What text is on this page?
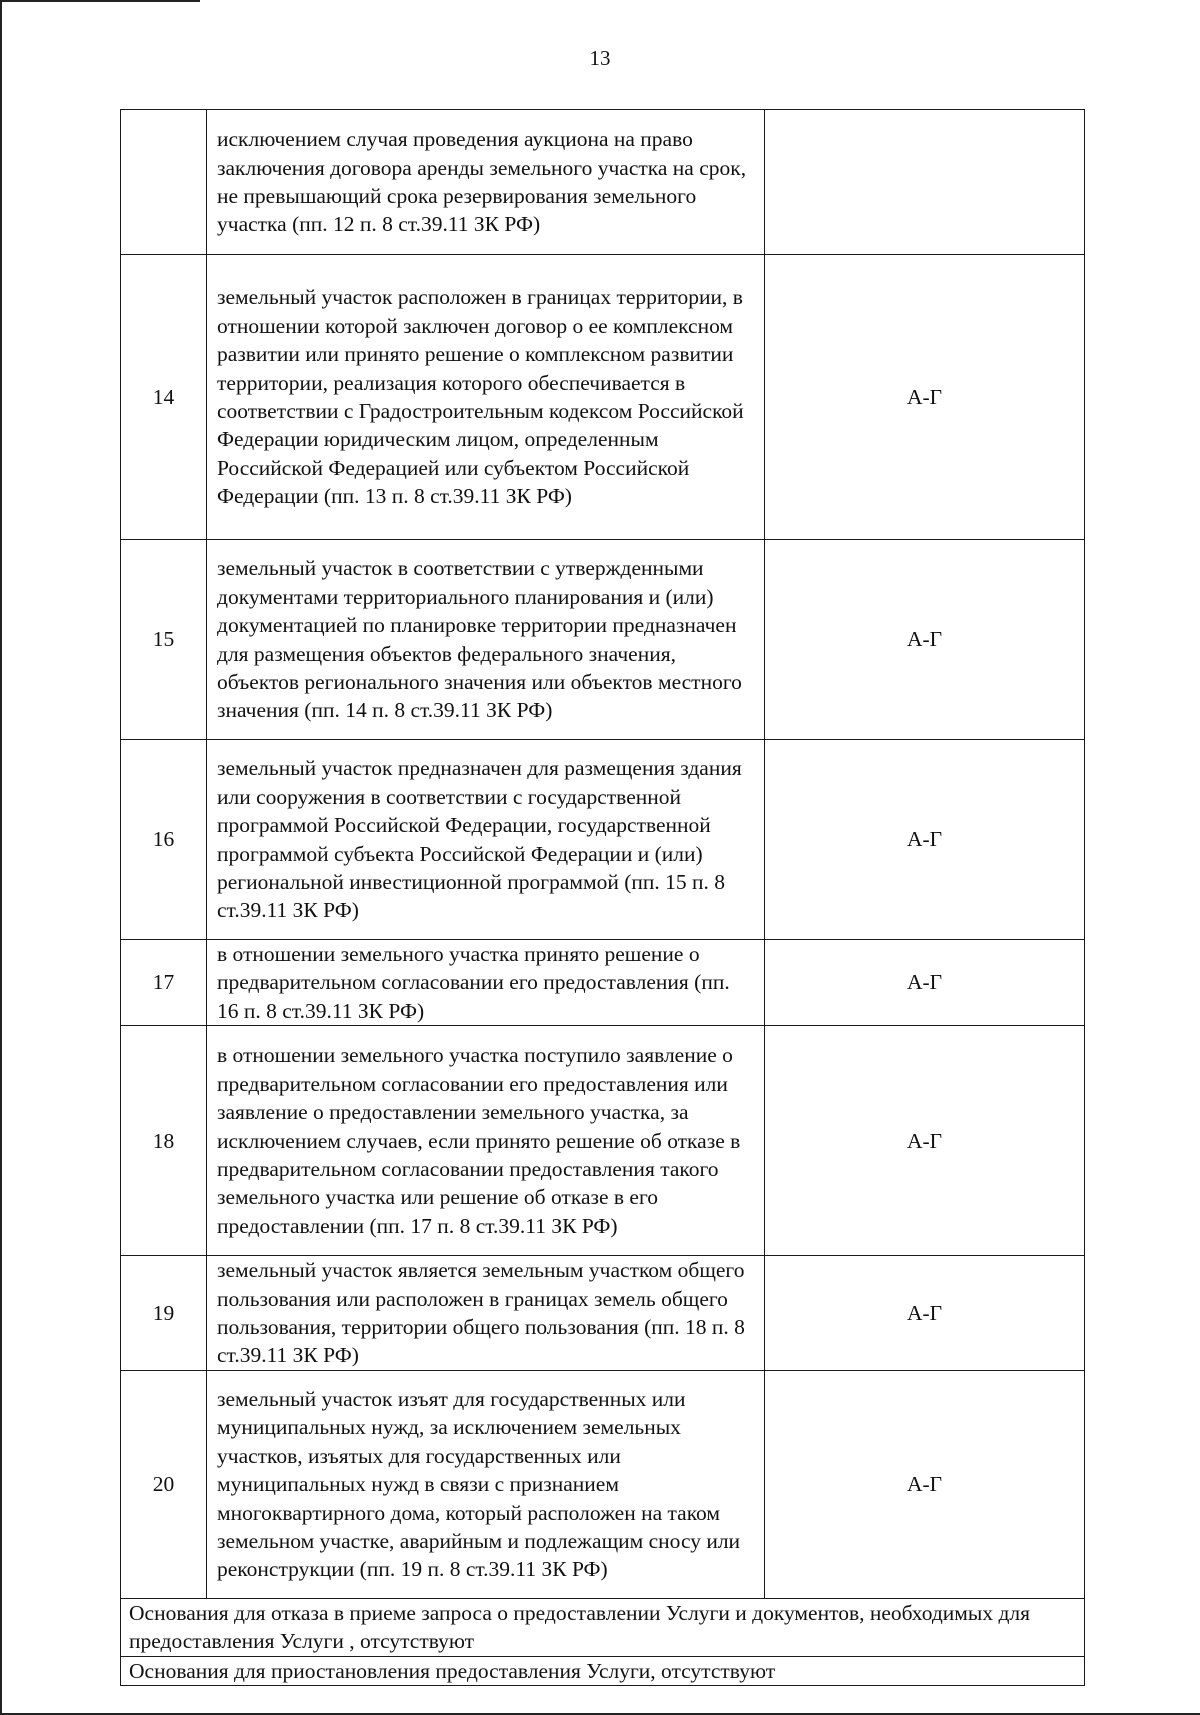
13
	исключением случая проведения аукциона на право заключения договора аренды земельного участка на срок, не превышающий срока резервирования земельного участка (пп. 12 п. 8 ст.39.11 ЗК РФ)	
14	земельный участок расположен в границах территории, в отношении которой заключен договор о ее комплексном развитии или принято решение о комплексном развитии территории, реализация которого обеспечивается в соответствии с Градостроительным кодексом Российской Федерации юридическим лицом, определенным Российской Федерацией или субъектом Российской Федерации (пп. 13 п. 8 ст.39.11 ЗК РФ)	А-Г
15	земельный участок в соответствии с утвержденными документами территориального планирования и (или) документацией по планировке территории предназначен для размещения объектов федерального значения, объектов регионального значения или объектов местного значения (пп. 14 п. 8 ст.39.11 ЗК РФ)	А-Г
16	земельный участок предназначен для размещения здания или сооружения в соответствии с государственной программой Российской Федерации, государственной программой субъекта Российской Федерации и (или) региональной инвестиционной программой (пп. 15 п. 8 ст.39.11 ЗК РФ)	А-Г
17	в отношении земельного участка принято решение о предварительном согласовании его предоставления (пп. 16 п. 8 ст.39.11 ЗК РФ)	А-Г
18	в отношении земельного участка поступило заявление о предварительном согласовании его предоставления или заявление о предоставлении земельного участка, за исключением случаев, если принято решение об отказе в предварительном согласовании предоставления такого земельного участка или решение об отказе в его предоставлении (пп. 17 п. 8 ст.39.11 ЗК РФ)	А-Г
19	земельный участок является земельным участком общего пользования или расположен в границах земель общего пользования, территории общего пользования (пп. 18 п. 8 ст.39.11 ЗК РФ)	А-Г
20	земельный участок изъят для государственных или муниципальных нужд, за исключением земельных участков, изъятых для государственных или муниципальных нужд в связи с признанием многоквартирного дома, который расположен на таком земельном участке, аварийным и подлежащим сносу или реконструкции (пп. 19 п. 8 ст.39.11 ЗК РФ)	А-Г
Основания для отказа в приеме запроса о предоставлении Услуги и документов, необходимых для предоставления Услуги , отсутствуют		
Основания для приостановления предоставления Услуги, отсутствуют		
